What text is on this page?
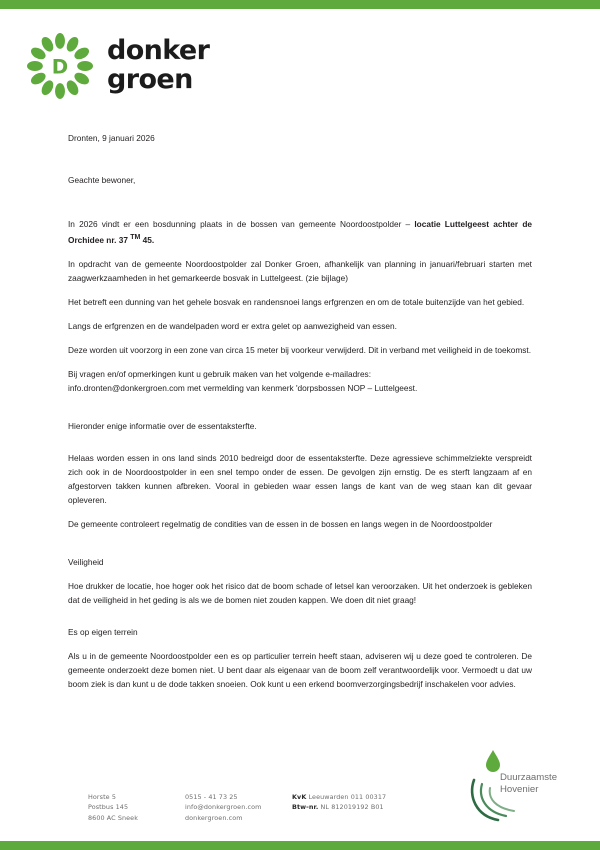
D
donker
groen

Dronten, 9 januari 2026

Geachte bewoner,

In 2026 vindt er een bosdunning plaats in de bossen van gemeente Noordoostpolder – locatie Luttelgeest achter de Orchidee nr. 37 ™ 45.

In opdracht van de gemeente Noordoostpolder zal Donker Groen, afhankelijk van planning in januari/februari starten met zaagwerkzaamheden in het gemarkeerde bosvak in Luttelgeest. (zie bijlage)

Het betreft een dunning van het gehele bosvak en randensnoei langs erfgrenzen en om de totale buitenzijde van het gebied.

Langs de erfgrenzen en de wandelpaden word er extra gelet op aanwezigheid van essen.

Deze worden uit voorzorg in een zone van circa 15 meter bij voorkeur verwijderd. Dit in verband met veiligheid in de toekomst.

Bij vragen en/of opmerkingen kunt u gebruik maken van het volgende e-mailadres:

info.dronten@donkergroen.com met vermelding van kenmerk 'dorpsbossen NOP – Luttelgeest.

Hieronder enige informatie over de essentaksterfte.

Helaas worden essen in ons land sinds 2010 bedreigd door de essentaksterfte. Deze agressieve schimmelziekte verspreidt zich ook in de Noordoostpolder in een snel tempo onder de essen. De gevolgen zijn ernstig. De es sterft langzaam af en afgestorven takken kunnen afbreken. Vooral in gebieden waar essen langs de kant van de weg staan kan dit gevaar opleveren.

De gemeente controleert regelmatig de condities van de essen in de bossen en langs wegen in de Noordoostpolder

Veiligheid

Hoe drukker de locatie, hoe hoger ook het risico dat de boom schade of letsel kan veroorzaken. Uit het onderzoek is gebleken dat de veiligheid in het geding is als we de bomen niet zouden kappen. We doen dit niet graag!

Es op eigen terrein

Als u in de gemeente Noordoostpolder een es op particulier terrein heeft staan, adviseren wij u deze goed te controleren. De gemeente onderzoekt deze bomen niet. U bent daar als eigenaar van de boom zelf verantwoordelijk voor. Vermoedt u dat uw boom ziek is dan kunt u de dode takken snoeien. Ook kunt u een erkend boomverzorgingsbedrijf inschakelen voor advies.

Horste 5
Postbus 145
8600 AC Sneek
0515 - 41 73 25
info@donkergroen.com
donkergroen.com
KvK Leeuwarden 011 00317
Btw-nr. NL 812019192 B01
Duurzaamste
Hovenier
